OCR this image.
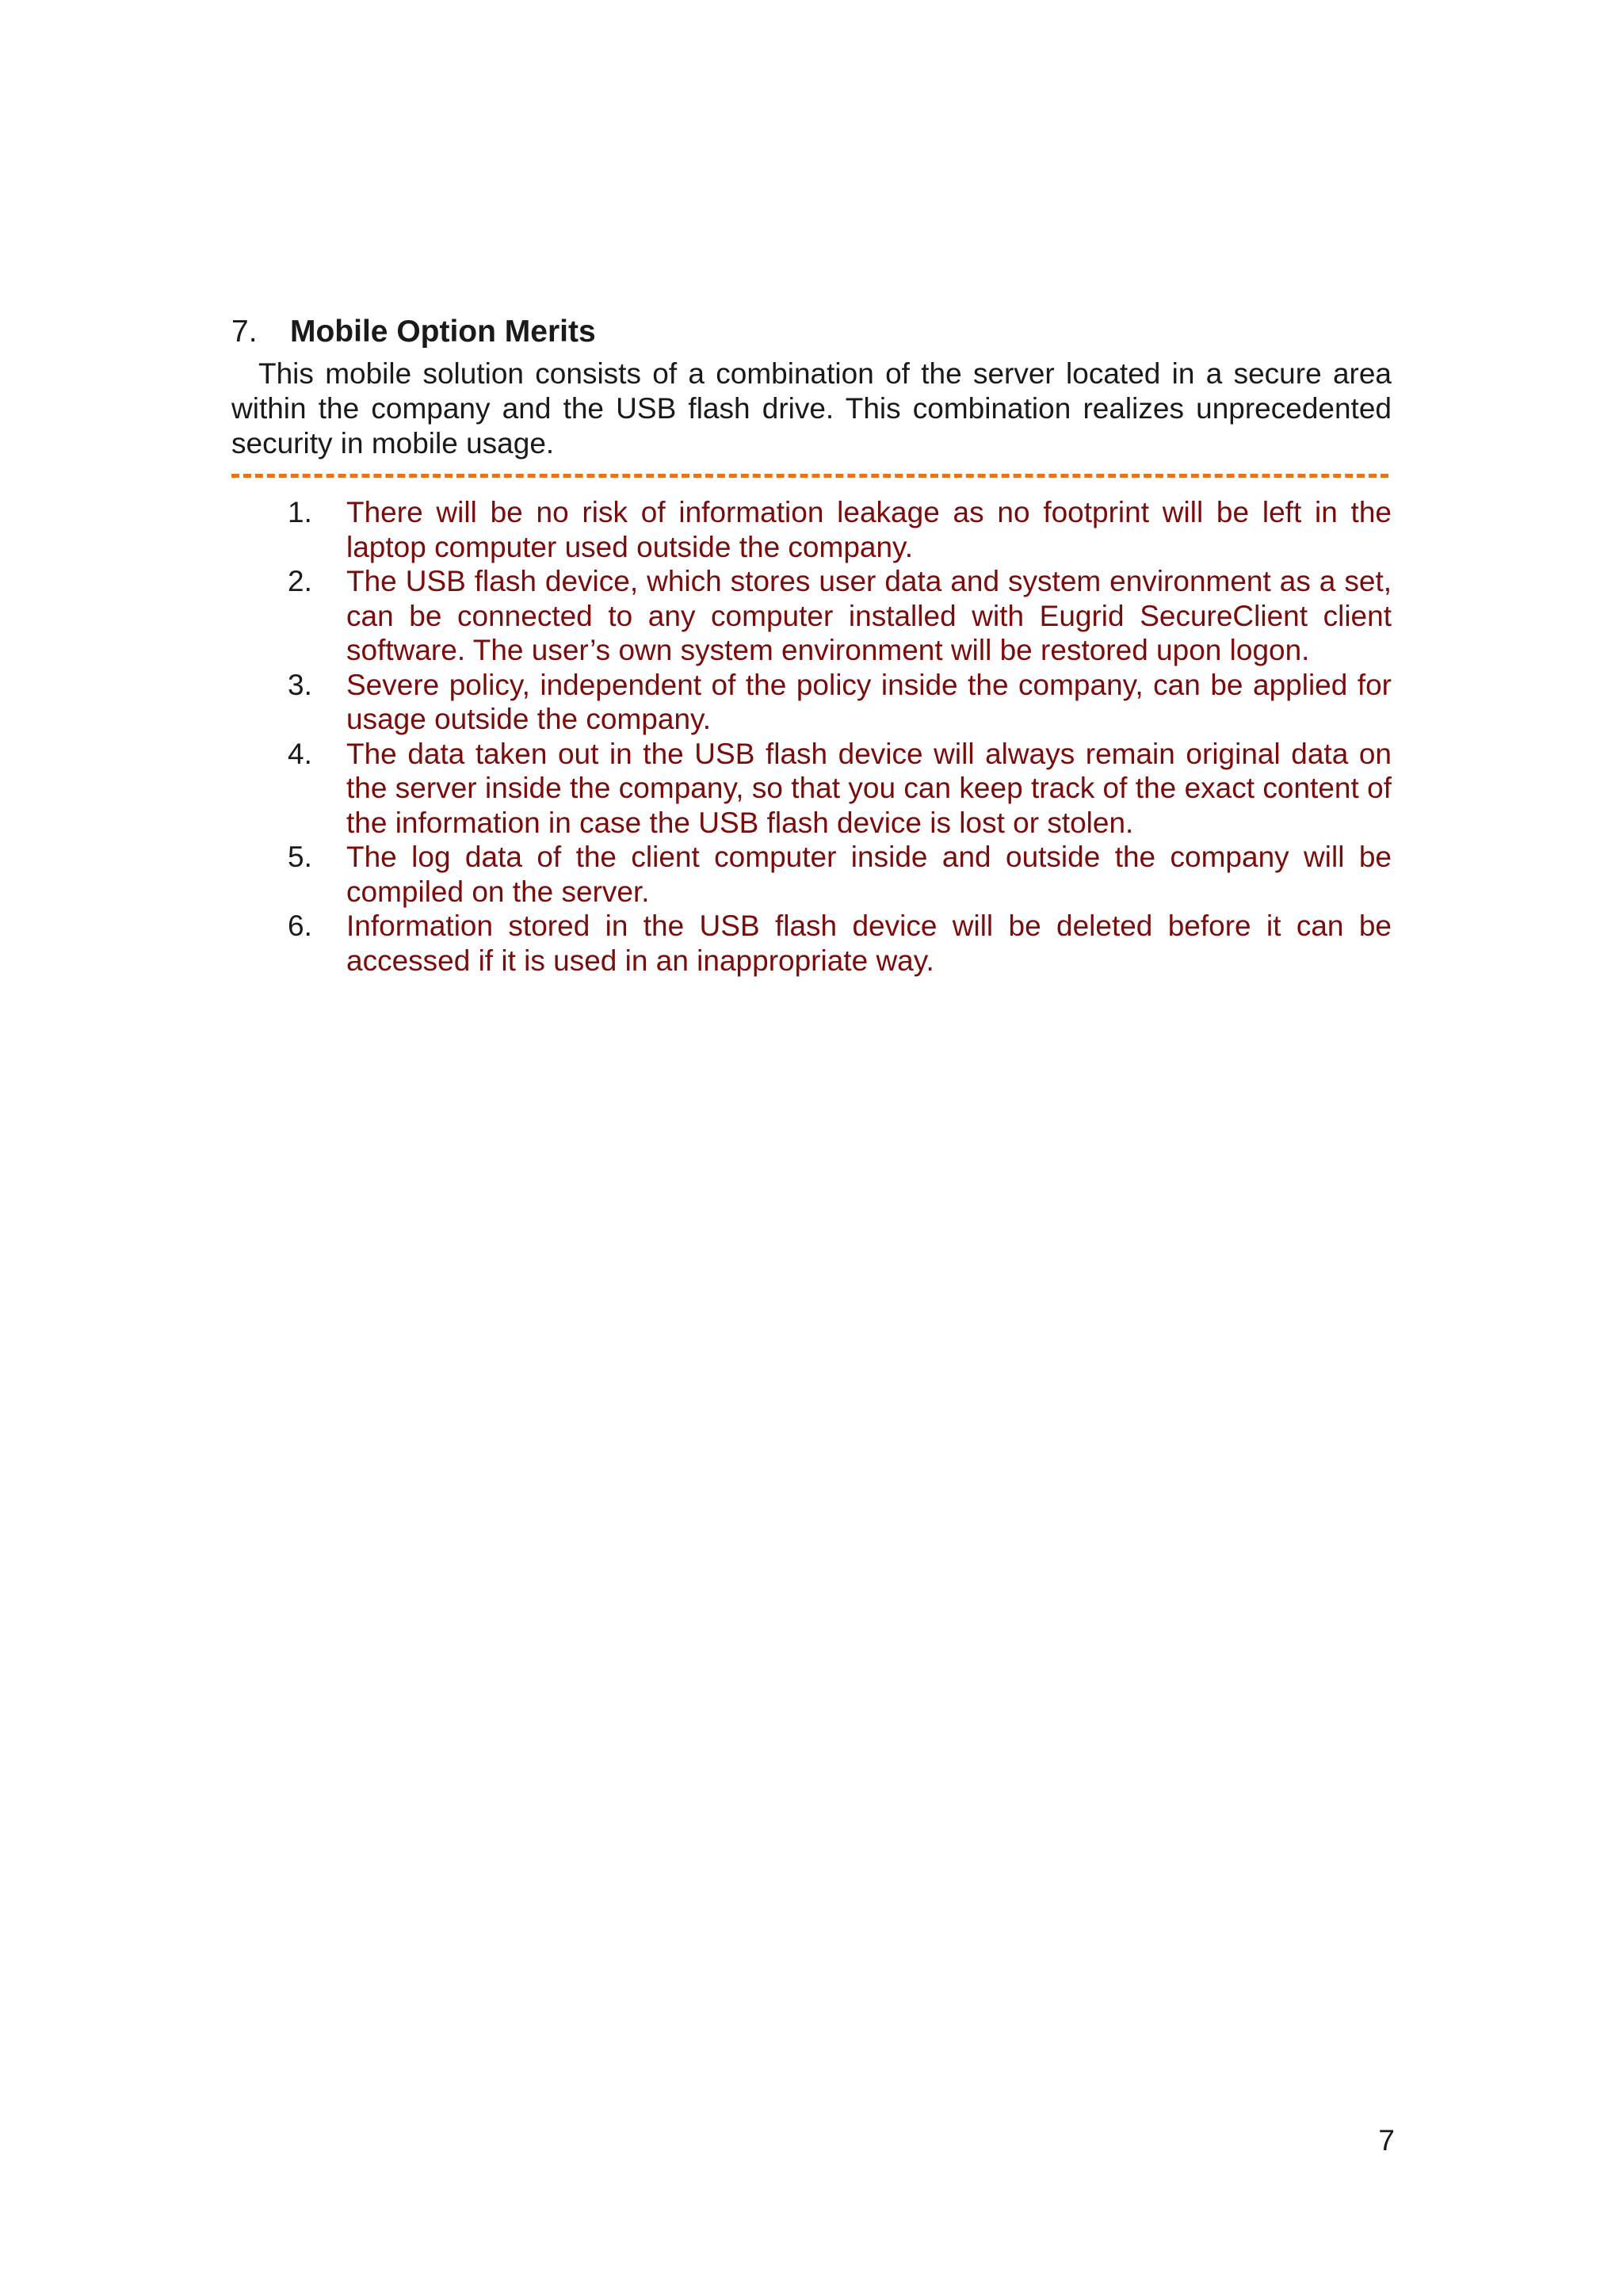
7.	Mobile Option Merits

This mobile solution consists of a combination of the server located in a secure area within the company and the USB flash drive. This combination realizes unprecedented security in mobile usage.

1.	There will be no risk of information leakage as no footprint will be left in the laptop computer used outside the company.
2.	The USB flash device, which stores user data and system environment as a set, can be connected to any computer installed with Eugrid SecureClient client software. The user’s own system environment will be restored upon logon.
3.	Severe policy, independent of the policy inside the company, can be applied for usage outside the company.
4.	The data taken out in the USB flash device will always remain original data on the server inside the company, so that you can keep track of the exact content of the information in case the USB flash device is lost or stolen.
5.	The log data of the client computer inside and outside the company will be compiled on the server.
6.	Information stored in the USB flash device will be deleted before it can be accessed if it is used in an inappropriate way.
7
